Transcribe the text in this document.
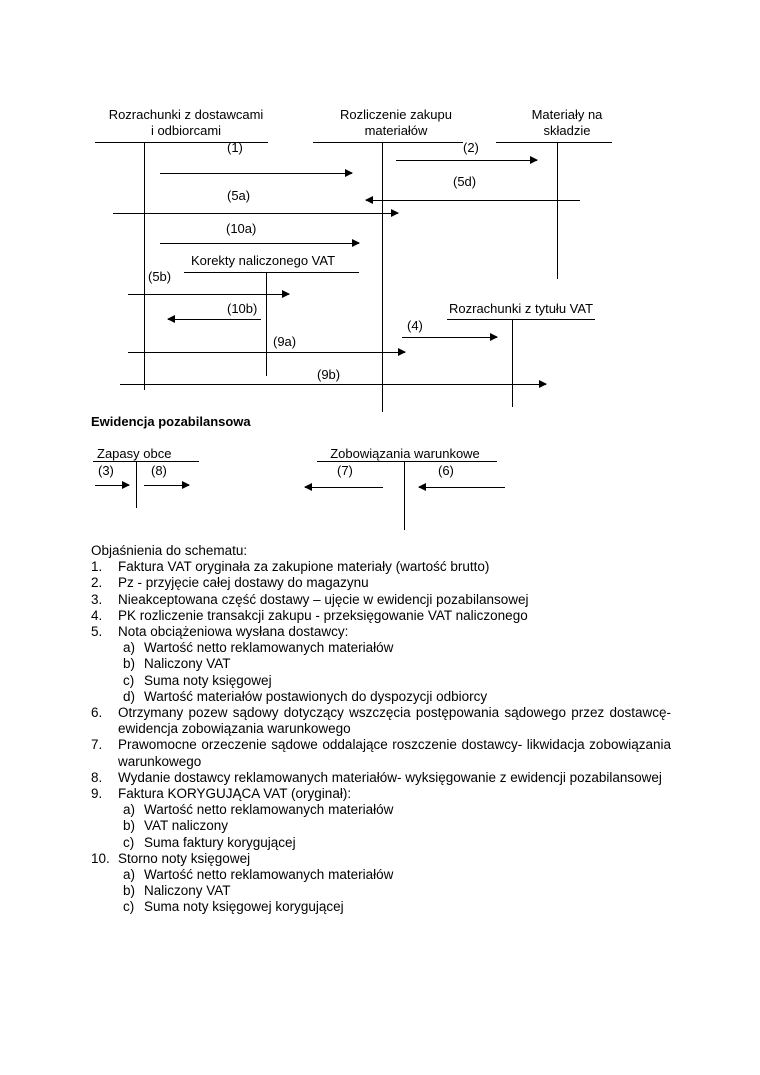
Rozrachunki z dostawcami
i odbiorcami
Rozliczenie zakupu
materiałów
Materiały na
składzie
Korekty naliczonego VAT
Rozrachunki z tytułu VAT
(1)	(2)
(5d)
(5a)
(10a)
(5b)
(10b)
(4)
(9a)
(9b)
Ewidencja pozabilansowa
Zapasy obce
(3)	(8)
Zobowiązania warunkowe
(7)	(6)
Objaśnienia do schematu:
1. Faktura VAT oryginała za zakupione materiały (wartość brutto)
2. Pz - przyjęcie całej dostawy do magazynu
3. Nieakceptowana część dostawy – ujęcie w ewidencji pozabilansowej
4. PK rozliczenie transakcji zakupu - przeksięgowanie VAT naliczonego
5. Nota obciążeniowa wysłana dostawcy:
a) Wartość netto reklamowanych materiałów
b) Naliczony VAT
c) Suma noty księgowej
d) Wartość materiałów postawionych do dyspozycji odbiorcy
6. Otrzymany pozew sądowy dotyczący wszczęcia postępowania sądowego przez dostawcę- ewidencja zobowiązania warunkowego
7. Prawomocne orzeczenie sądowe oddalające roszczenie dostawcy- likwidacja zobowiązania warunkowego
8. Wydanie dostawcy reklamowanych materiałów- wyksięgowanie z ewidencji pozabilansowej
9. Faktura KORYGUJĄCA VAT (oryginał):
a) Wartość netto reklamowanych materiałów
b) VAT naliczony
c) Suma faktury korygującej
10. Storno noty księgowej
a) Wartość netto reklamowanych materiałów
b) Naliczony VAT
c) Suma noty księgowej korygującej
